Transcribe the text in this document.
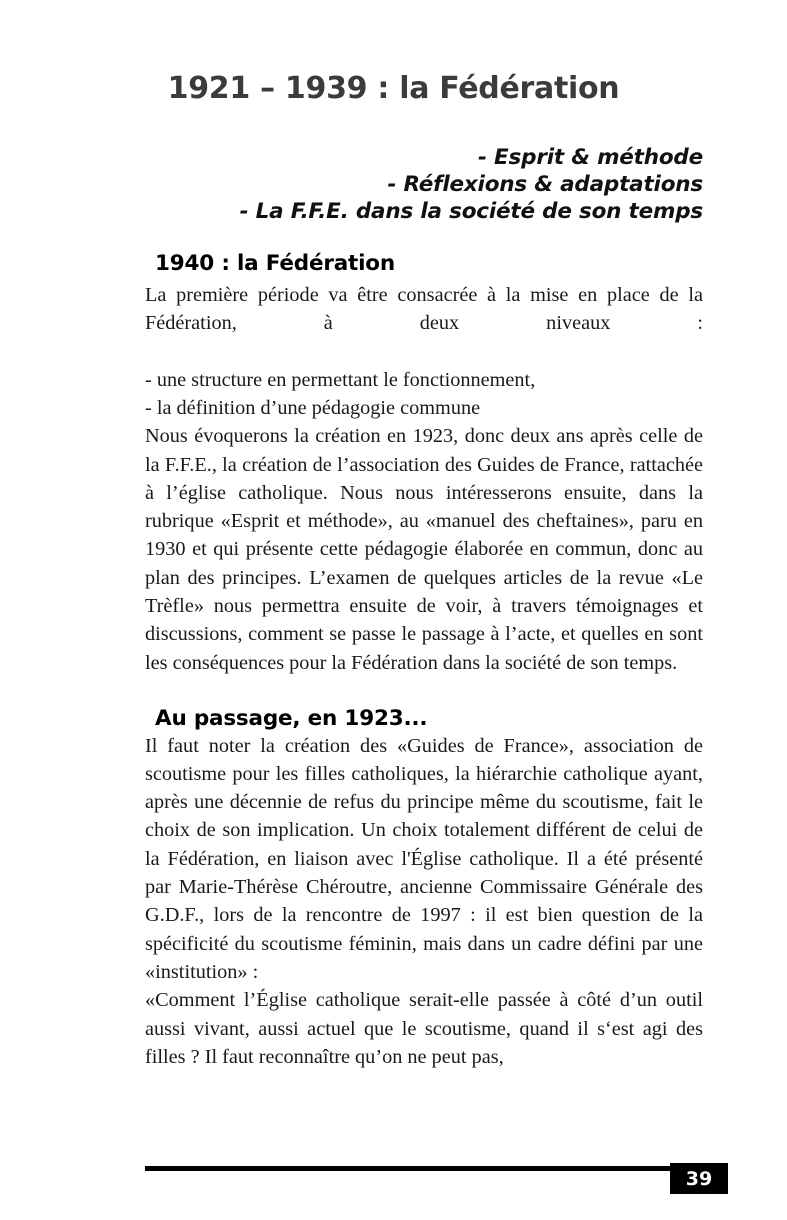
1921 – 1939 : la Fédération
- Esprit & méthode
- Réflexions & adaptations
- La F.F.E. dans la société de son temps
1940 : la Fédération

La première période va être consacrée à la mise en place de la Fédération, à deux niveaux :

- une structure en permettant le fonctionnement,

- la définition d’une pédagogie commune

Nous évoquerons la création en 1923, donc deux ans après celle de la F.F.E., la création de l’association des Guides de France, rattachée à l’église catholique. Nous nous intéresserons ensuite, dans la rubrique «Esprit et méthode», au «manuel des cheftaines», paru en 1930 et qui présente cette pédagogie élaborée en commun, donc au plan des principes. L’examen de quelques articles de la revue «Le Trèfle» nous permettra ensuite de voir, à travers témoignages et discussions, comment se passe le passage à l’acte, et quelles en sont les conséquences pour la Fédération dans la société de son temps.

Au passage, en 1923...

Il faut noter la création des «Guides de France», association de scoutisme pour les filles catholiques, la hiérarchie catholique ayant, après une décennie de refus du principe même du scoutisme, fait le choix de son implication. Un choix totalement différent de celui de la Fédération, en liaison avec l'Église catholique. Il a été présenté par Marie-Thérèse Chéroutre, ancienne Commissaire Générale des G.D.F., lors de la rencontre de 1997 : il est bien question de la spécificité du scoutisme féminin, mais dans un cadre défini par une «institution» :

«Comment l’Église catholique serait-elle passée à côté d’un outil aussi vivant, aussi actuel que le scoutisme, quand il s‘est agi des filles ? Il faut reconnaître qu’on ne peut pas,

39
